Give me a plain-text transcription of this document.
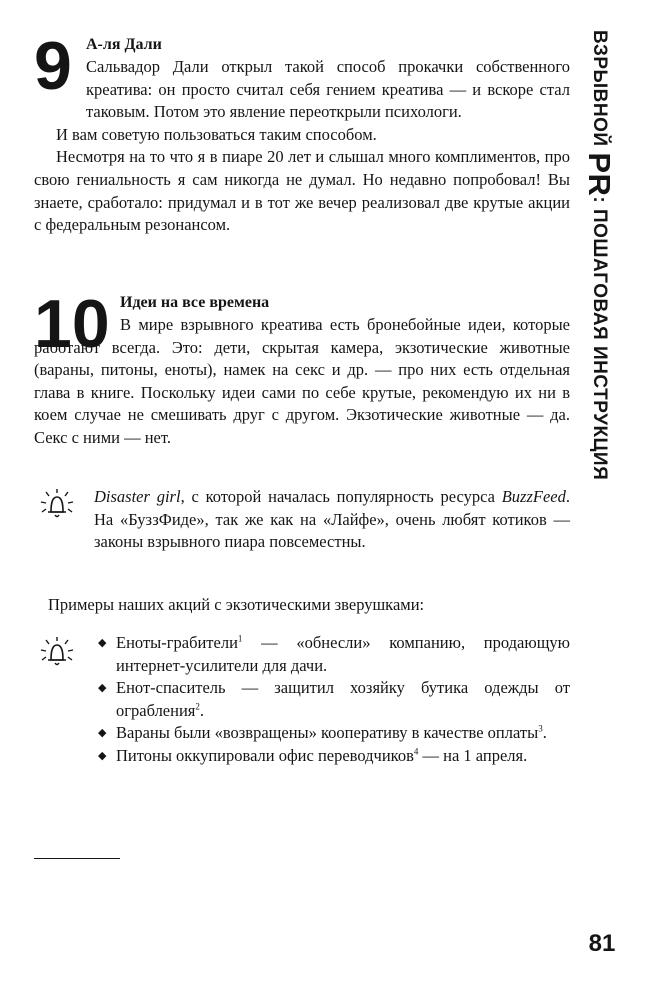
ВЗРЫВНОЙ PR: ПОШАГОВАЯ ИНСТРУКЦИЯ
9 А-ля Дали

Сальвадор Дали открыл такой способ прокачки собственного креатива: он просто считал себя гением креатива — и вскоре стал таковым. Потом это явление переоткрыли психологи.

И вам советую пользоваться таким способом.

Несмотря на то что я в пиаре 20 лет и слышал много комплиментов, про свою гениальность я сам никогда не думал. Но недавно попробовал! Вы знаете, сработало: придумал и в тот же вечер реализовал две крутые акции с федеральным резонансом.

10 Идеи на все времена

В мире взрывного креатива есть бронебойные идеи, которые работают всегда. Это: дети, скрытая камера, экзотические животные (вараны, питоны, еноты), намек на секс и др. — про них есть отдельная глава в книге. Поскольку идеи сами по себе крутые, рекомендую их ни в коем случае не смешивать друг с другом. Экзотические животные — да. Секс с ними — нет.

Disaster girl, с которой началась популярность ресурса BuzzFeed. На «БуззФиде», так же как на «Лайфе», очень любят котиков — законы взрывного пиара повсеместны.

Примеры наших акций с экзотическими зверушками:

◆ Еноты-грабители$^1$ — «обнесли» компанию, продающую интернет-усилители для дачи.
◆ Енот-спаситель — защитил хозяйку бутика одежды от ограбления$^2$.
◆ Вараны были «возвращены» кооперативу в качестве оплаты$^3$.
◆ Питоны оккупировали офис переводчиков$^4$ — на 1 апреля.
81
